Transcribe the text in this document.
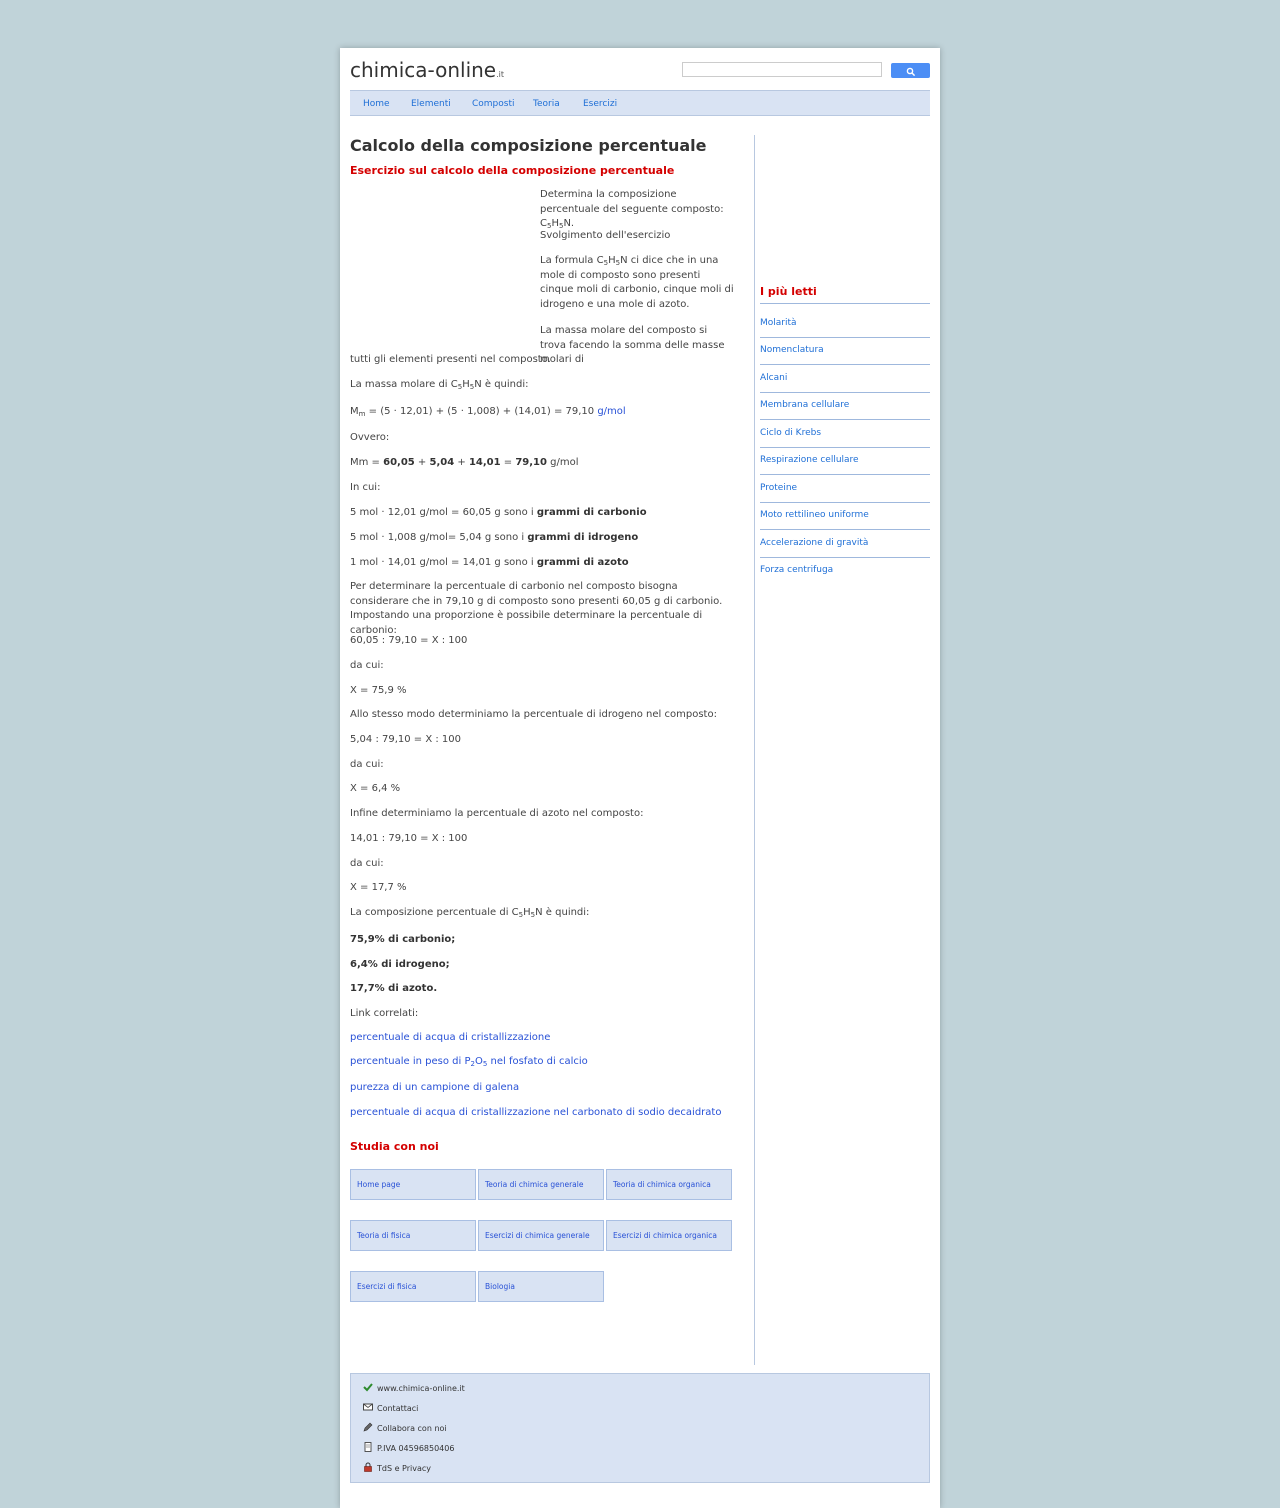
chimica-online.it
Home Elementi Composti Teoria	Esercizi
Calcolo della composizione percentuale
Esercizio sul calcolo della composizione percentuale
Determina la composizione percentuale del seguente composto: $C_5H_5N$.
Svolgimento dell'esercizio
La formula $C_5H_5N$ ci dice che in una mole di composto sono presenti cinque moli di carbonio, cinque moli di idrogeno e una mole di azoto.
La massa molare del composto si trova facendo la somma delle masse molari di
tutti gli elementi presenti nel composto.
La massa molare di $C_5H_5N$ è quindi:
$M_m = (5 \cdot 12,01) + (5 \cdot 1,008) + (14,01) = 79,10$ g/mol
Ovvero:
Mm = 60,05 + 5,04 + 14,01 = 79,10 g/mol
In cui:
5 mol · 12,01 g/mol = 60,05 g sono i grammi di carbonio
5 mol · 1,008 g/mol= 5,04 g sono i grammi di idrogeno
1 mol · 14,01 g/mol = 14,01 g sono i grammi di azoto
Per determinare la percentuale di carbonio nel composto bisogna considerare che in 79,10 g di composto sono presenti 60,05 g di carbonio. Impostando una proporzione è possibile determinare la percentuale di carbonio:
60,05 : 79,10 = X : 100
da cui:
X = 75,9 %
Allo stesso modo determiniamo la percentuale di idrogeno nel composto:
5,04 : 79,10 = X : 100
da cui:
X = 6,4 %
Infine determiniamo la percentuale di azoto nel composto:
14,01 : 79,10 = X : 100
da cui:
X = 17,7 %
La composizione percentuale di $C_5H_5N$ è quindi:
75,9% di carbonio;
6,4% di idrogeno;
17,7% di azoto.
Link correlati:
percentuale di acqua di cristallizzazione
percentuale in peso di $P_2O_5$ nel fosfato di calcio
purezza di un campione di galena
percentuale di acqua di cristallizzazione nel carbonato di sodio decaidrato
Studia con noi
Home page	Teoria di chimica generale	Teoria di chimica organica
Teoria di fisica	Esercizi di chimica generale	Esercizi di chimica organica
Esercizi di fisica	Biologia
I più letti
Molarità
Nomenclatura
Alcani
Membrana cellulare
Ciclo di Krebs
Respirazione cellulare
Proteine
Moto rettilineo uniforme
Accelerazione di gravità
Forza centrifuga
www.chimica-online.it
Contattaci
Collabora con noi
P.IVA 04596850406
TdS e Privacy
